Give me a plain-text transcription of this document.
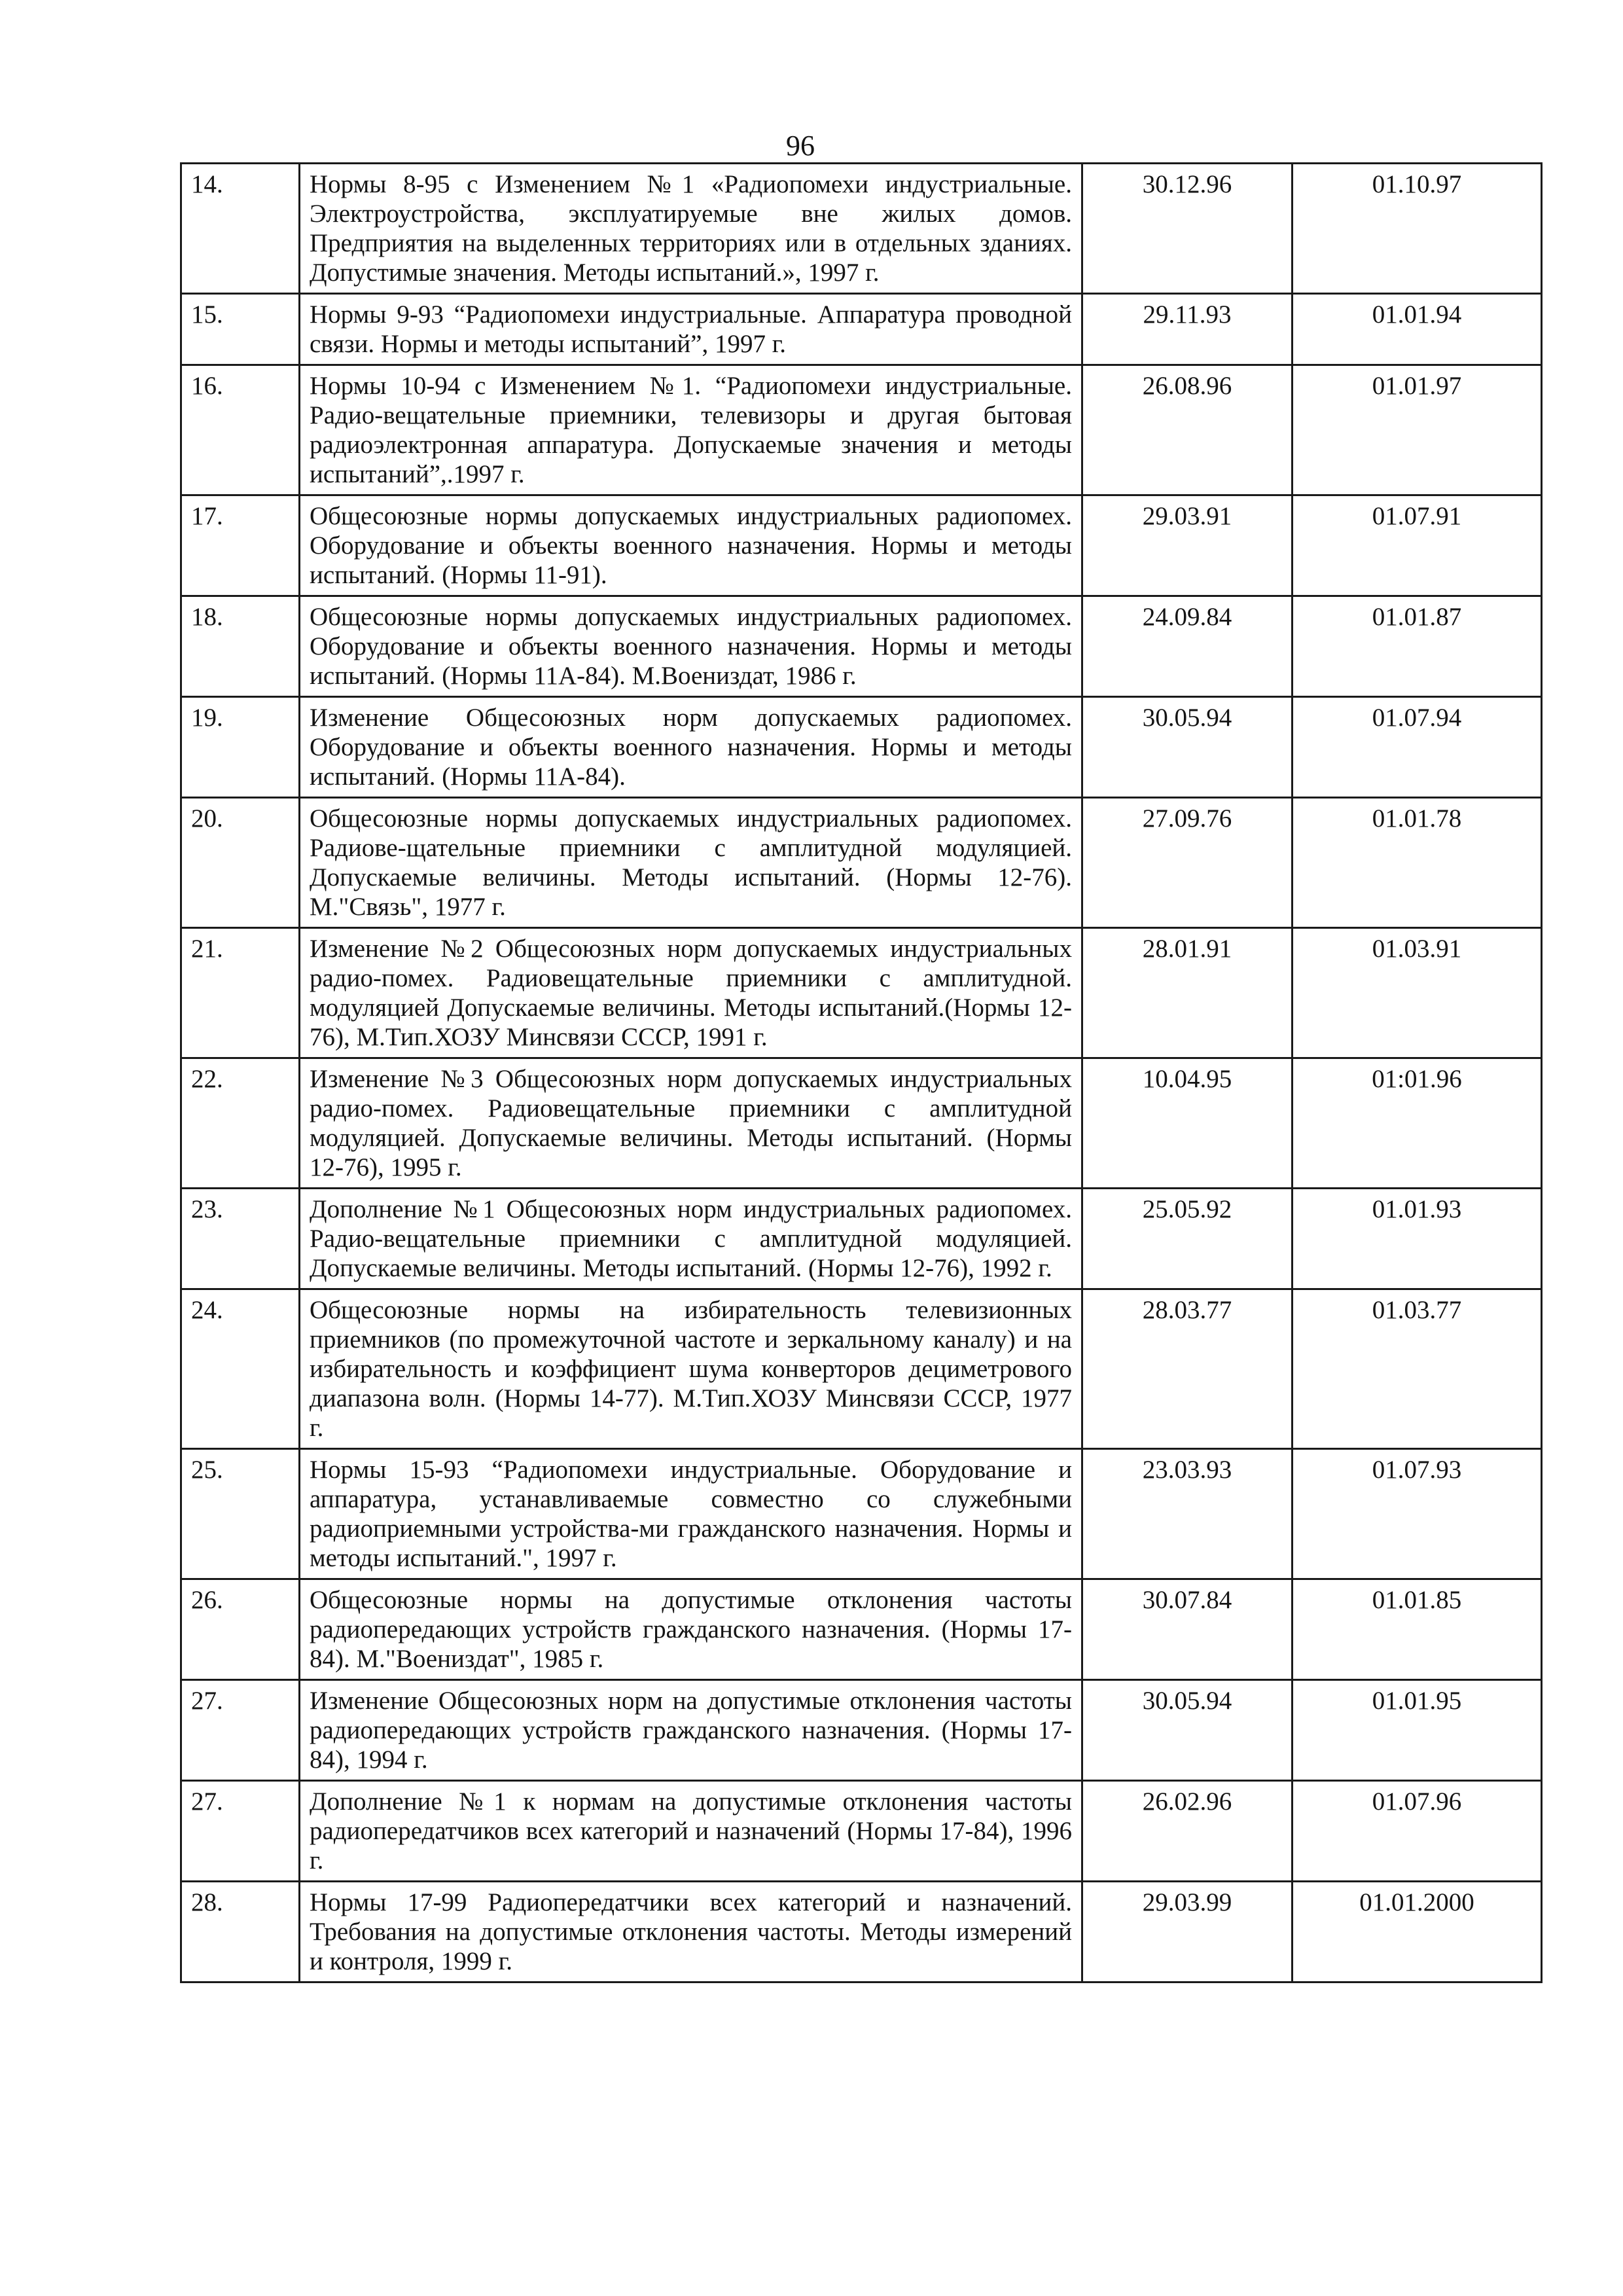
96
14.	Нормы 8-95 с Изменением №1 «Радиопомехи индустриальные. Электроустройства, эксплуатируемые вне жилых домов. Предприятия на выделенных территориях или в отдельных зданиях. Допустимые значения. Методы испытаний.», 1997 г.	30.12.96	01.10.97
15.	Нормы 9-93 “Радиопомехи индустриальные. Аппаратура проводной связи. Нормы и методы испытаний”, 1997 г.	29.11.93	01.01.94
16.	Нормы 10-94 с Изменением №1. “Радиопомехи индустриальные. Радио-вещательные приемники, телевизоры и другая бытовая радиоэлектронная аппаратура. Допускаемые значения и методы испытаний”,.1997 г.	26.08.96	01.01.97
17.	Общесоюзные нормы допускаемых индустриальных радиопомех. Оборудование и объекты военного назначения. Нормы и методы испытаний. (Нормы 11-91).	29.03.91	01.07.91
18.	Общесоюзные нормы допускаемых индустриальных радиопомех. Оборудование и объекты военного назначения. Нормы и методы испытаний. (Нормы 11А-84). М.Воениздат, 1986 г.	24.09.84	01.01.87
19.	Изменение Общесоюзных норм допускаемых радиопомех. Оборудование и объекты военного назначения. Нормы и методы испытаний. (Нормы 11А-84).	30.05.94	01.07.94
20.	Общесоюзные нормы допускаемых индустриальных радиопомех. Радиове-щательные приемники с амплитудной модуляцией. Допускаемые величины. Методы испытаний. (Нормы 12-76). М."Связь", 1977 г.	27.09.76	01.01.78
21.	Изменение №2 Общесоюзных норм допускаемых индустриальных радио-помех. Радиовещательные приемники с амплитудной. модуляцией Допускаемые величины. Методы испытаний.(Нормы 12-76), М.Тип.ХОЗУ Минсвязи СССР, 1991 г.	28.01.91	01.03.91
22.	Изменение №3 Общесоюзных норм допускаемых индустриальных радио-помех. Радиовещательные приемники с амплитудной модуляцией. Допускаемые величины. Методы испытаний. (Нормы 12-76), 1995 г.	10.04.95	01:01.96
23.	Дополнение №1 Общесоюзных норм индустриальных радиопомех. Радио-вещательные приемники с амплитудной модуляцией. Допускаемые величины. Методы испытаний. (Нормы 12-76), 1992 г.	25.05.92	01.01.93
24.	Общесоюзные нормы на избирательность телевизионных приемников (по промежуточной частоте и зеркальному каналу) и на избирательность и коэффициент шума конверторов дециметрового диапазона волн. (Нормы 14-77). М.Тип.ХОЗУ Минсвязи СССР, 1977 г.	28.03.77	01.03.77
25.	Нормы 15-93 “Радиопомехи индустриальные. Оборудование и аппаратура, устанавливаемые совместно со служебными радиоприемными устройства-ми гражданского назначения. Нормы и методы испытаний.", 1997 г.	23.03.93	01.07.93
26.	Общесоюзные нормы на допустимые отклонения частоты радиопередающих устройств гражданского назначения. (Нормы 17-84). М."Воениздат", 1985 г.	30.07.84	01.01.85
27.	Изменение Общесоюзных норм на допустимые отклонения частоты радиопередающих устройств гражданского назначения. (Нормы 17-84), 1994 г.	30.05.94	01.01.95
27.	Дополнение №1 к нормам на допустимые отклонения частоты радиопередатчиков всех категорий и назначений (Нормы 17-84), 1996 г.	26.02.96	01.07.96
28.	Нормы 17-99 Радиопередатчики всех категорий и назначений. Требования на допустимые отклонения частоты. Методы измерений и контроля, 1999 г.	29.03.99	01.01.2000
